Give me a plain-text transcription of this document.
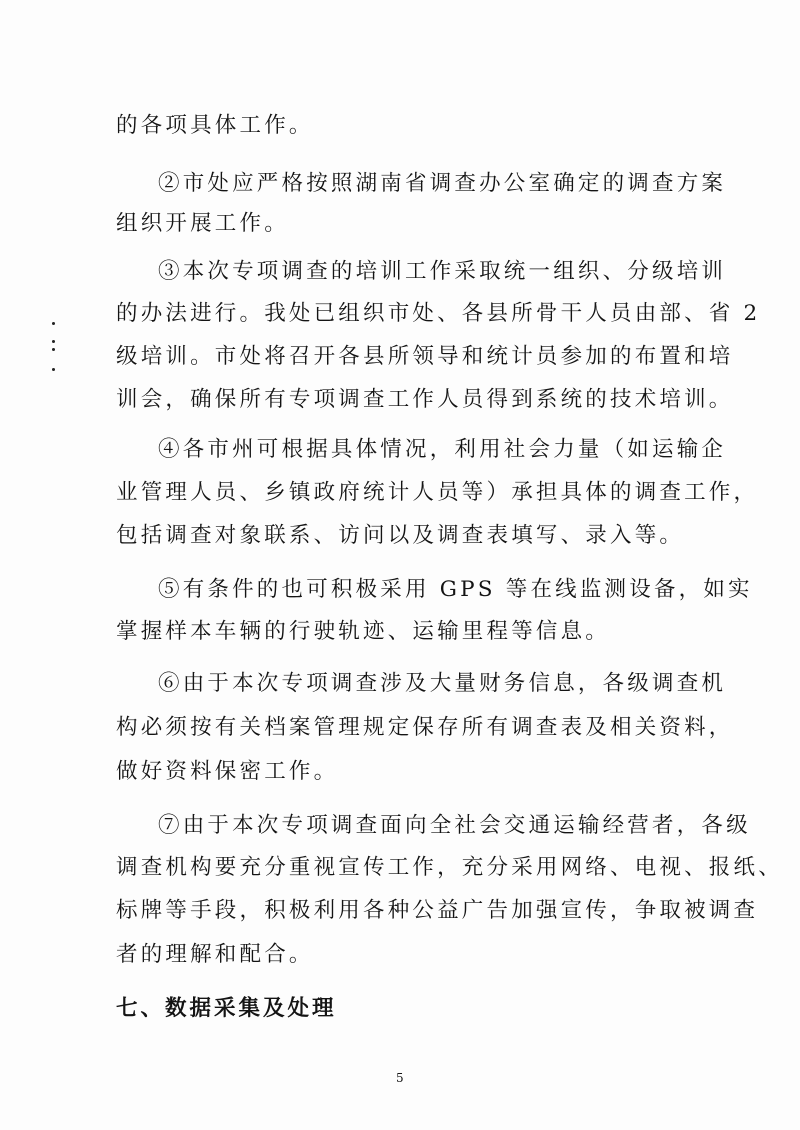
的各项具体工作。
②市处应严格按照湖南省调查办公室确定的调查方案
组织开展工作。
③本次专项调查的培训工作采取统一组织、分级培训
的办法进行。我处已组织市处、各县所骨干人员由部、省 2
级培训。市处将召开各县所领导和统计员参加的布置和培
训会，确保所有专项调查工作人员得到系统的技术培训。
④各市州可根据具体情况，利用社会力量（如运输企
业管理人员、乡镇政府统计人员等）承担具体的调查工作，
包括调查对象联系、访问以及调查表填写、录入等。
⑤有条件的也可积极采用 GPS 等在线监测设备，如实
掌握样本车辆的行驶轨迹、运输里程等信息。
⑥由于本次专项调查涉及大量财务信息，各级调查机
构必须按有关档案管理规定保存所有调查表及相关资料，
做好资料保密工作。
⑦由于本次专项调查面向全社会交通运输经营者，各级
调查机构要充分重视宣传工作，充分采用网络、电视、报纸、
标牌等手段，积极利用各种公益广告加强宣传，争取被调查
者的理解和配合。
七、数据采集及处理
5
